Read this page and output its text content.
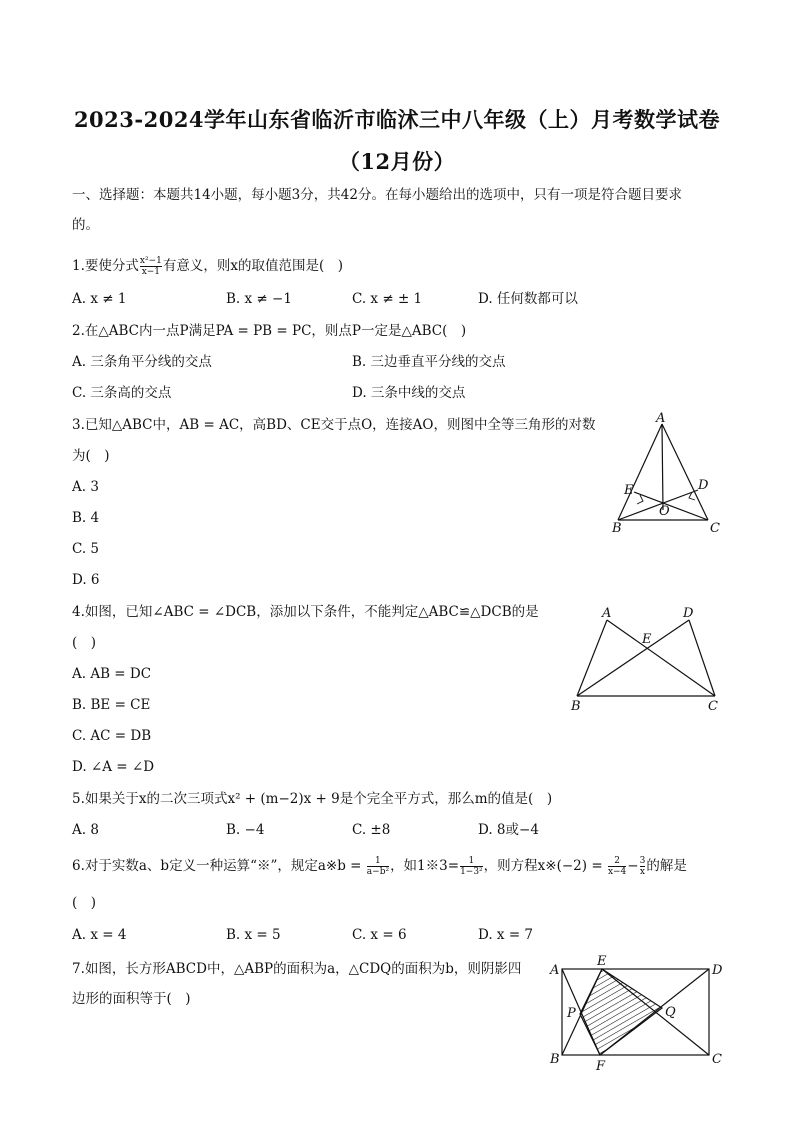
2023-2024学年山东省临沂市临沭三中八年级（上）月考数学试卷
（12月份）
一、选择题：本题共14小题，每小题3分，共42分。在每小题给出的选项中，只有一项是符合题目要求
的。
1.要使分式 $\frac{\text{x²−1}}{x-1}$ 有意义，则x的取值范围是(　)
A. x ≠ 1	B. x ≠ −1	C. x ≠ ± 1	D. 任何数都可以
2.在△ABC内一点P满足PA = PB = PC，则点P一定是△ABC(　)
A. 三条角平分线的交点	B. 三边垂直平分线的交点
C. 三条高的交点	D. 三条中线的交点
3.已知△ABC中，AB = AC，高BD、CE交于点O，连接AO，则图中全等三角形的对数
为(　)
A. 3
B. 4
C. 5
D. 6
A
E	D
O
B	C
4.如图，已知∠ABC = ∠DCB，添加以下条件，不能判定△ABC≌△DCB的是
(　)
A. AB = DC
B. BE = CE
C. AC = DB
D. ∠A = ∠D
A	D
E
B	C
5.如果关于x的二次三项式x² + (m−2)x + 9是个完全平方式，那么m的值是(　)
A. 8	B. −4	C. ±8	D. 8或−4
6.对于实数a、b定义一种运算“※”，规定a※b = $\frac{1}{\text{a−b²}}$ ，如1※3= $\frac{1}{\text{1−3²}}$ ，则方程x※(−2) = $\frac{2}{x-4} - \frac{3}{x}$ 的解是
(　)
A. x = 4	B. x = 5	C. x = 6	D. x = 7
7.如图，长方形ABCD中，△ABP的面积为a，△CDQ的面积为b，则阴影四
边形的面积等于(　)
A
E
D
P	Q
B	F	C
